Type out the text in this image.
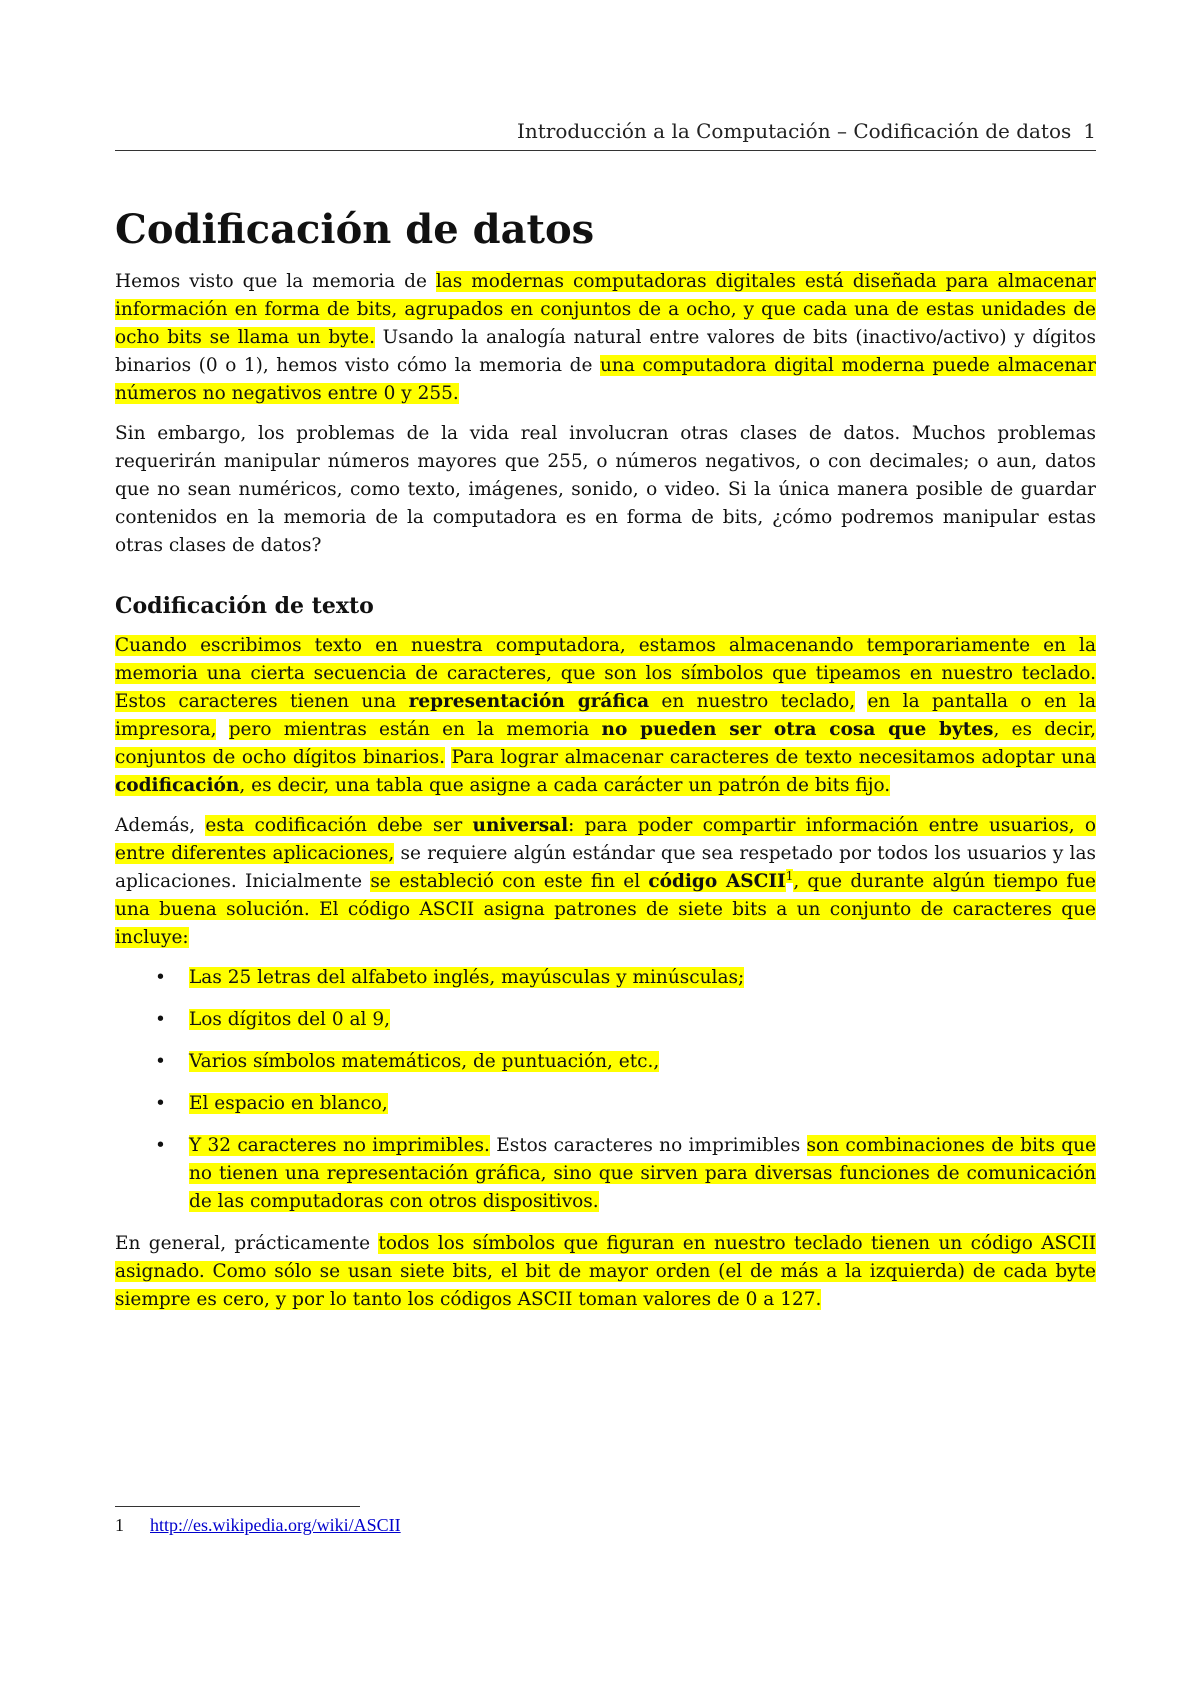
Introducción a la Computación – Codificación de datos 1
Codificación de datos

Hemos visto que la memoria de las modernas computadoras digitales está diseñada para almacenar información en forma de bits, agrupados en conjuntos de a ocho, y que cada una de estas unidades de ocho bits se llama un byte. Usando la analogía natural entre valores de bits (inactivo/activo) y dígitos binarios (0 o 1), hemos visto cómo la memoria de una computadora digital moderna puede almacenar números no negativos entre 0 y 255.

Sin embargo, los problemas de la vida real involucran otras clases de datos. Muchos problemas requerirán manipular números mayores que 255, o números negativos, o con decimales; o aun, datos que no sean numéricos, como texto, imágenes, sonido, o video. Si la única manera posible de guardar contenidos en la memoria de la computadora es en forma de bits, ¿cómo podremos manipular estas otras clases de datos?

Codificación de texto

Cuando escribimos texto en nuestra computadora, estamos almacenando temporariamente en la memoria una cierta secuencia de caracteres, que son los símbolos que tipeamos en nuestro teclado. Estos caracteres tienen una representación gráfica en nuestro teclado, en la pantalla o en la impresora, pero mientras están en la memoria no pueden ser otra cosa que bytes, es decir, conjuntos de ocho dígitos binarios. Para lograr almacenar caracteres de texto necesitamos adoptar una codificación, es decir, una tabla que asigne a cada carácter un patrón de bits fijo.

Además, esta codificación debe ser universal: para poder compartir información entre usuarios, o entre diferentes aplicaciones, se requiere algún estándar que sea respetado por todos los usuarios y las aplicaciones. Inicialmente se estableció con este fin el código ASCII$^1$, que durante algún tiempo fue una buena solución. El código ASCII asigna patrones de siete bits a un conjunto de caracteres que incluye:

• Las 25 letras del alfabeto inglés, mayúsculas y minúsculas;
• Los dígitos del 0 al 9,
• Varios símbolos matemáticos, de puntuación, etc.,
• El espacio en blanco,
• Y 32 caracteres no imprimibles. Estos caracteres no imprimibles son combinaciones de bits que no tienen una representación gráfica, sino que sirven para diversas funciones de comunicación de las computadoras con otros dispositivos.

En general, prácticamente todos los símbolos que figuran en nuestro teclado tienen un código ASCII asignado. Como sólo se usan siete bits, el bit de mayor orden (el de más a la izquierda) de cada byte siempre es cero, y por lo tanto los códigos ASCII toman valores de 0 a 127.

1 http://es.wikipedia.org/wiki/ASCII
